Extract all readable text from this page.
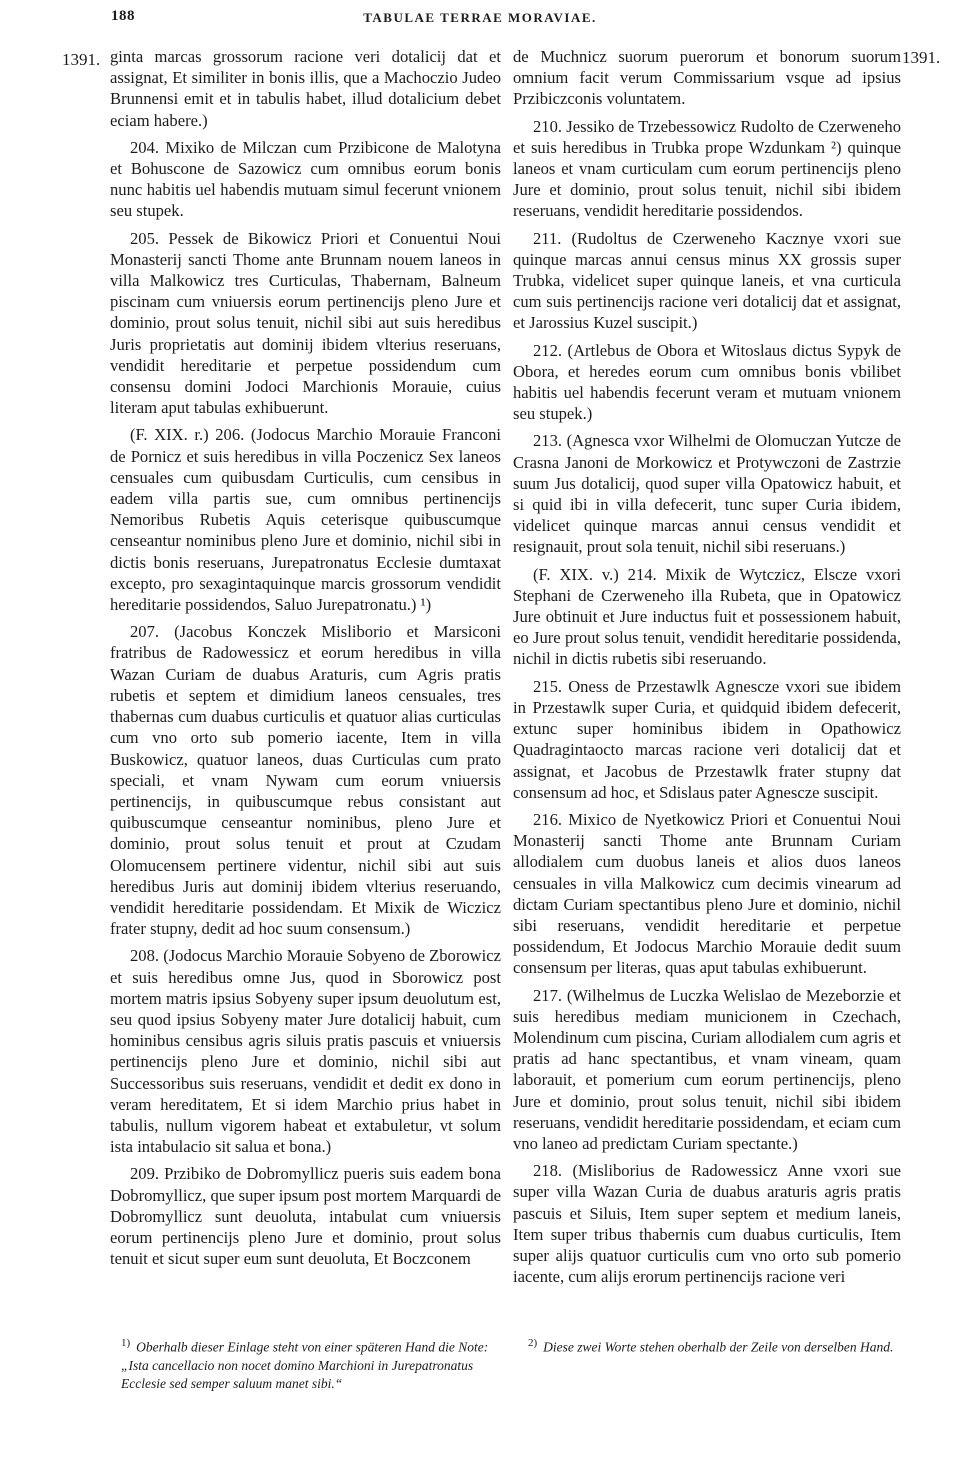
188	TABULAE TERRAE MORAVIAE.
1391.	1391.

ginta marcas grossorum racione veri dotalicij dat et assignat, Et similiter in bonis illis, que a Machoczio Judeo Brunnensi emit et in tabulis habet, illud dotalicium debet eciam habere.)

204. Mixiko de Milczan cum Przibicone de Malotyna et Bohuscone de Sazowicz cum omnibus eorum bonis nunc habitis uel habendis mutuam simul fecerunt vnionem seu stupek.

205. Pessek de Bikowicz Priori et Conuentui Noui Monasterij sancti Thome ante Brunnam nouem laneos in villa Malkowicz tres Curticulas, Thabernam, Balneum piscinam cum vniuersis eorum pertinencijs pleno Jure et dominio, prout solus tenuit, nichil sibi aut suis heredibus Juris proprietatis aut dominij ibidem vlterius reseruans, vendidit hereditarie et perpetue possidendum cum consensu domini Jodoci Marchionis Morauie, cuius literam aput tabulas exhibuerunt.

(F. XIX. r.) 206. (Jodocus Marchio Morauie Franconi de Pornicz et suis heredibus in villa Poczenicz Sex laneos censuales cum quibusdam Curticulis, cum censibus in eadem villa partis sue, cum omnibus pertinencijs Nemoribus Rubetis Aquis ceterisque quibuscumque censeantur nominibus pleno Jure et dominio, nichil sibi in dictis bonis reseruans, Jurepatronatus Ecclesie dumtaxat excepto, pro sexagintaquinque marcis grossorum vendidit hereditarie possidendos, Saluo Jurepatronatu.) ¹)

207. (Jacobus Konczek Misliborio et Marsiconi fratribus de Radowessicz et eorum heredibus in villa Wazan Curiam de duabus Araturis, cum Agris pratis rubetis et septem et dimidium laneos censuales, tres thabernas cum duabus curticulis et quatuor alias curticulas cum vno orto sub pomerio iacente, Item in villa Buskowicz, quatuor laneos, duas Curticulas cum prato speciali, et vnam Nywam cum eorum vniuersis pertinencijs, in quibuscumque rebus consistant aut quibuscumque censeantur nominibus, pleno Jure et dominio, prout solus tenuit et prout at Czudam Olomucensem pertinere videntur, nichil sibi aut suis heredibus Juris aut dominij ibidem vlterius reseruando, vendidit hereditarie possidendam. Et Mixik de Wiczicz frater stupny, dedit ad hoc suum consensum.)

208. (Jodocus Marchio Morauie Sobyeno de Zborowicz et suis heredibus omne Jus, quod in Sborowicz post mortem matris ipsius Sobyeny super ipsum deuolutum est, seu quod ipsius Sobyeny mater Jure dotalicij habuit, cum hominibus censibus agris siluis pratis pascuis et vniuersis pertinencijs pleno Jure et dominio, nichil sibi aut Successoribus suis reseruans, vendidit et dedit ex dono in veram hereditatem, Et si idem Marchio prius habet in tabulis, nullum vigorem habeat et extabuletur, vt solum ista intabulacio sit salua et bona.)

209. Przibiko de Dobromyllicz pueris suis eadem bona Dobromyllicz, que super ipsum post mortem Marquardi de Dobromyllicz sunt deuoluta, intabulat cum vniuersis eorum pertinencijs pleno Jure et dominio, prout solus tenuit et sicut super eum sunt deuoluta, Et Boczconem

de Muchnicz suorum puerorum et bonorum suorum omnium facit verum Commissarium vsque ad ipsius Przibiczconis voluntatem.

210. Jessiko de Trzebessowicz Rudolto de Czerweneho et suis heredibus in Trubka prope Wzdunkam ²) quinque laneos et vnam curticulam cum eorum pertinencijs pleno Jure et dominio, prout solus tenuit, nichil sibi ibidem reseruans, vendidit hereditarie possidendos.

211. (Rudoltus de Czerweneho Kacznye vxori sue quinque marcas annui census minus XX grossis super Trubka, videlicet super quinque laneis, et vna curticula cum suis pertinencijs racione veri dotalicij dat et assignat, et Jarossius Kuzel suscipit.)

212. (Artlebus de Obora et Witoslaus dictus Sypyk de Obora, et heredes eorum cum omnibus bonis vbilibet habitis uel habendis fecerunt veram et mutuam vnionem seu stupek.)

213. (Agnesca vxor Wilhelmi de Olomuczan Yutcze de Crasna Janoni de Morkowicz et Protywczoni de Zastrzie suum Jus dotalicij, quod super villa Opatowicz habuit, et si quid ibi in villa defecerit, tunc super Curia ibidem, videlicet quinque marcas annui census vendidit et resignauit, prout sola tenuit, nichil sibi reseruans.)

(F. XIX. v.) 214. Mixik de Wytczicz, Elscze vxori Stephani de Czerweneho illa Rubeta, que in Opatowicz Jure obtinuit et Jure inductus fuit et possessionem habuit, eo Jure prout solus tenuit, vendidit hereditarie possidenda, nichil in dictis rubetis sibi reseruando.

215. Oness de Przestawlk Agnescze vxori sue ibidem in Przestawlk super Curia, et quidquid ibidem defecerit, extunc super hominibus ibidem in Opathowicz Quadragintaocto marcas racione veri dotalicij dat et assignat, et Jacobus de Przestawlk frater stupny dat consensum ad hoc, et Sdislaus pater Agnescze suscipit.

216. Mixico de Nyetkowicz Priori et Conuentui Noui Monasterij sancti Thome ante Brunnam Curiam allodialem cum duobus laneis et alios duos laneos censuales in villa Malkowicz cum decimis vinearum ad dictam Curiam spectantibus pleno Jure et dominio, nichil sibi reseruans, vendidit hereditarie et perpetue possidendum, Et Jodocus Marchio Morauie dedit suum consensum per literas, quas aput tabulas exhibuerunt.

217. (Wilhelmus de Luczka Welislao de Mezeborzie et suis heredibus mediam municionem in Czechach, Molendinum cum piscina, Curiam allodialem cum agris et pratis ad hanc spectantibus, et vnam vineam, quam laborauit, et pomerium cum eorum pertinencijs, pleno Jure et dominio, prout solus tenuit, nichil sibi ibidem reseruans, vendidit hereditarie possidendam, et eciam cum vno laneo ad predictam Curiam spectante.)

218. (Misliborius de Radowessicz Anne vxori sue super villa Wazan Curia de duabus araturis agris pratis pascuis et Siluis, Item super septem et medium laneis, Item super tribus thabernis cum duabus curticulis, Item super alijs quatuor curticulis cum vno orto sub pomerio iacente, cum alijs erorum pertinencijs racione veri

$^{1)}$ Oberhalb dieser Einlage steht von einer späteren Hand die Note: „Ista cancellacio non nocet domino Marchioni in Jurepatronatus Ecclesie sed semper saluum manet sibi.“
$^{2)}$ Diese zwei Worte stehen oberhalb der Zeile von derselben Hand.
